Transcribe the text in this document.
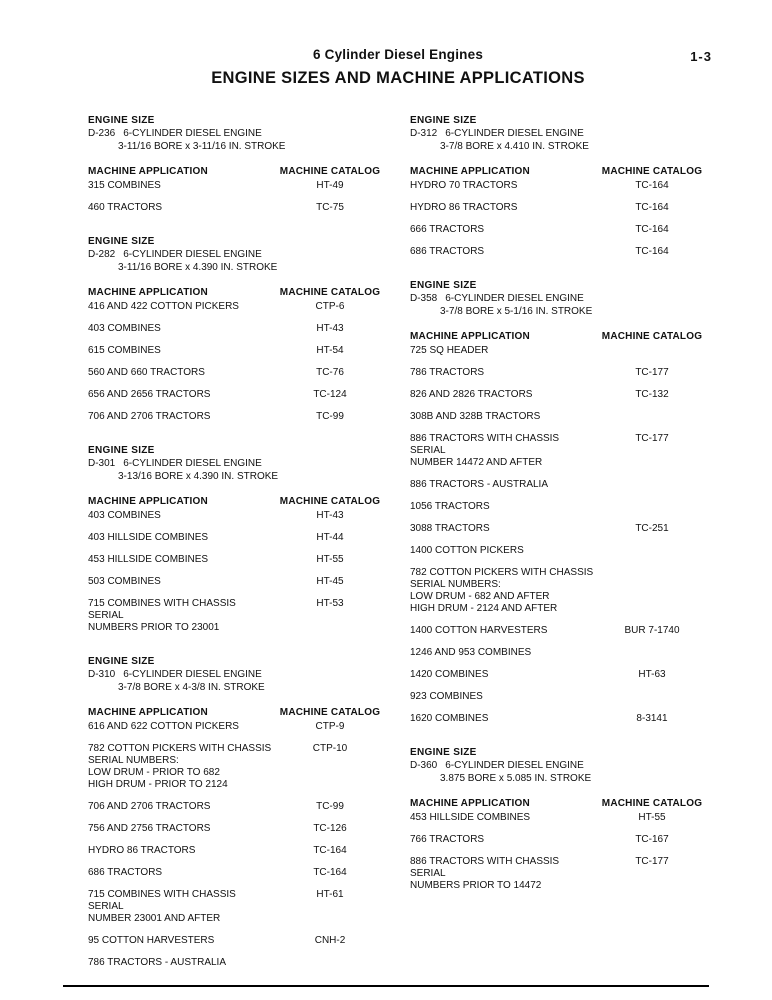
6 Cylinder Diesel Engines	1-3
ENGINE SIZES AND MACHINE APPLICATIONS
ENGINE SIZE
D-236 6-CYLINDER DIESEL ENGINE
3-11/16 BORE x 3-11/16 IN. STROKE
MACHINE APPLICATION	MACHINE CATALOG
315 COMBINES	HT-49
460 TRACTORS	TC-75
ENGINE SIZE
D-282 6-CYLINDER DIESEL ENGINE
3-11/16 BORE x 4.390 IN. STROKE
MACHINE APPLICATION	MACHINE CATALOG
416 AND 422 COTTON PICKERS	CTP-6
403 COMBINES	HT-43
615 COMBINES	HT-54
560 AND 660 TRACTORS	TC-76
656 AND 2656 TRACTORS	TC-124
706 AND 2706 TRACTORS	TC-99
ENGINE SIZE
D-301 6-CYLINDER DIESEL ENGINE
3-13/16 BORE x 4.390 IN. STROKE
MACHINE APPLICATION	MACHINE CATALOG
403 COMBINES	HT-43
403 HILLSIDE COMBINES	HT-44
453 HILLSIDE COMBINES	HT-55
503 COMBINES	HT-45
715 COMBINES WITH CHASSIS SERIAL
NUMBERS PRIOR TO 23001
HT-53
ENGINE SIZE
D-310 6-CYLINDER DIESEL ENGINE
3-7/8 BORE x 4-3/8 IN. STROKE
MACHINE APPLICATION	MACHINE CATALOG
616 AND 622 COTTON PICKERS	CTP-9
782 COTTON PICKERS WITH CHASSIS
SERIAL NUMBERS:
LOW DRUM - PRIOR TO 682
HIGH DRUM - PRIOR TO 2124
CTP-10
706 AND 2706 TRACTORS	TC-99
756 AND 2756 TRACTORS	TC-126
HYDRO 86 TRACTORS	TC-164
686 TRACTORS	TC-164
715 COMBINES WITH CHASSIS SERIAL
NUMBER 23001 AND AFTER
HT-61
95 COTTON HARVESTERS	CNH-2
786 TRACTORS - AUSTRALIA
ENGINE SIZE
D-312 6-CYLINDER DIESEL ENGINE
3-7/8 BORE x 4.410 IN. STROKE
MACHINE APPLICATION	MACHINE CATALOG
HYDRO 70 TRACTORS	TC-164
HYDRO 86 TRACTORS	TC-164
666 TRACTORS	TC-164
686 TRACTORS	TC-164
ENGINE SIZE
D-358 6-CYLINDER DIESEL ENGINE
3-7/8 BORE x 5-1/16 IN. STROKE
MACHINE APPLICATION	MACHINE CATALOG
725 SQ HEADER
786 TRACTORS	TC-177
826 AND 2826 TRACTORS	TC-132
308B AND 328B TRACTORS
886 TRACTORS WITH CHASSIS SERIAL
NUMBER 14472 AND AFTER
TC-177
886 TRACTORS - AUSTRALIA
1056 TRACTORS
3088 TRACTORS	TC-251
1400 COTTON PICKERS
782 COTTON PICKERS WITH CHASSIS
SERIAL NUMBERS:
LOW DRUM - 682 AND AFTER
HIGH DRUM - 2124 AND AFTER
1400 COTTON HARVESTERS	BUR 7-1740
1246 AND 953 COMBINES
1420 COMBINES	HT-63
923 COMBINES
1620 COMBINES	8-3141
ENGINE SIZE
D-360 6-CYLINDER DIESEL ENGINE
3.875 BORE x 5.085 IN. STROKE
MACHINE APPLICATION	MACHINE CATALOG
453 HILLSIDE COMBINES	HT-55
766 TRACTORS	TC-167
886 TRACTORS WITH CHASSIS SERIAL
NUMBERS PRIOR TO 14472
TC-177
